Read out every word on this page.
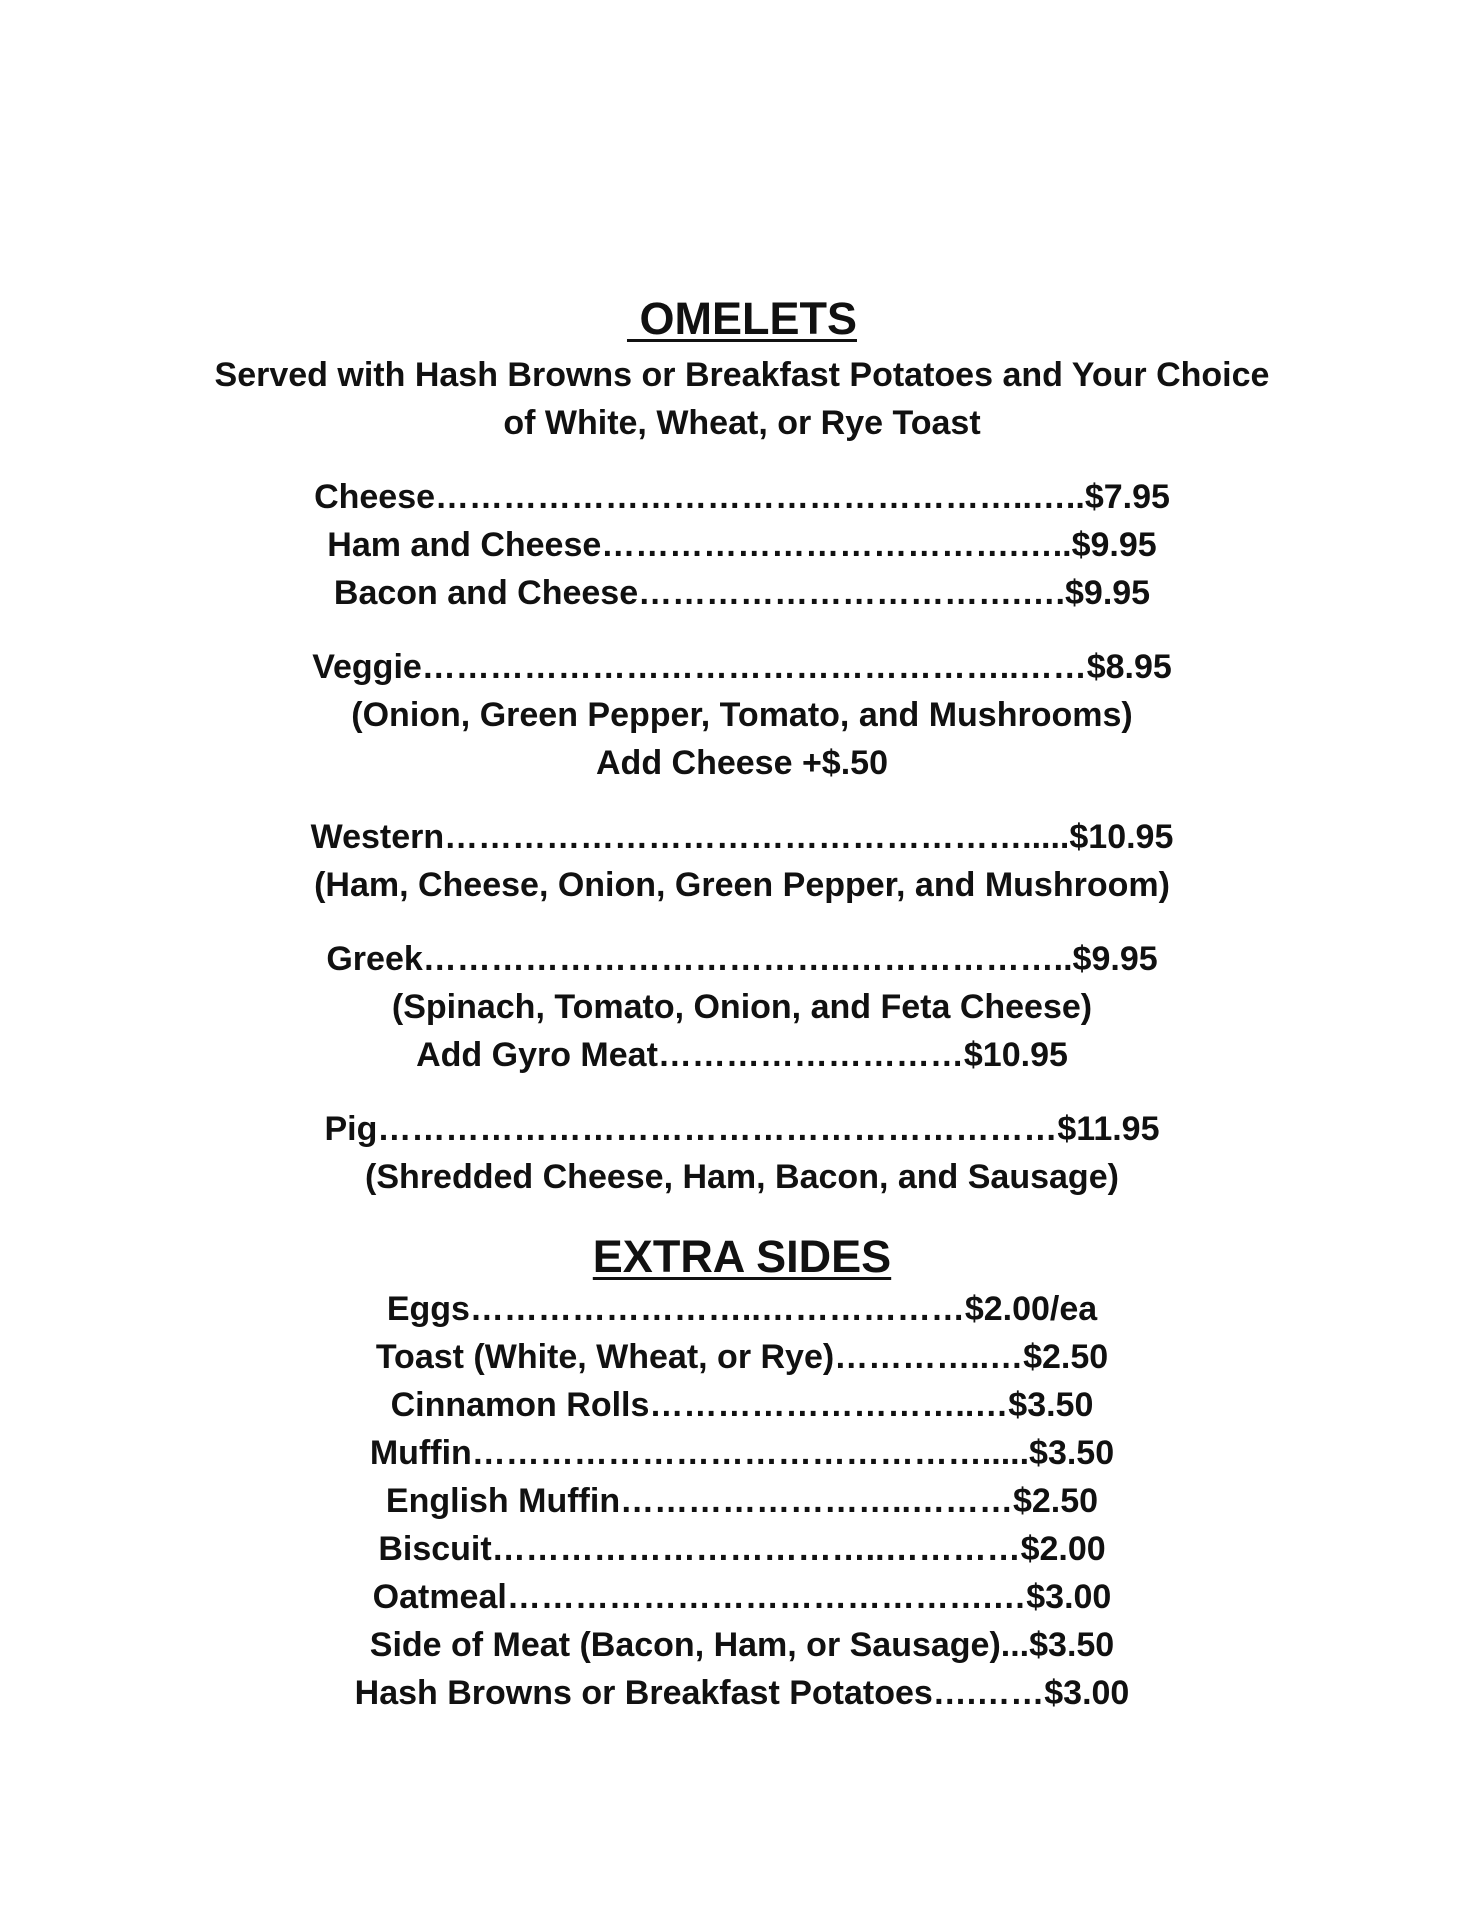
OMELETS
Served with Hash Browns or Breakfast Potatoes and Your Choice
of White, Wheat, or Rye Toast
Cheese……………………………………………..…..$7.95
Ham and Cheese……………………………….…..$9.95
Bacon and Cheese…………………………….….$9.95
Veggie……………………………………………..……$8.95
(Onion, Green Pepper, Tomato, and Mushrooms)
Add Cheese +$.50
Western…………………………………………….....$10.95
(Ham, Cheese, Onion, Green Pepper, and Mushroom)
Greek………………………………..………………..$9.95
(Spinach, Tomato, Onion, and Feta Cheese)
Add Gyro Meat………………………$10.95
Pig……………………………………………………$11.95
(Shredded Cheese, Ham, Bacon, and Sausage)
EXTRA SIDES
Eggs……………………..………………$2.00/ea
Toast (White, Wheat, or Rye)…………..…$2.50
Cinnamon Rolls………………………..…$3.50
Muffin……………………………………….....$3.50
English Muffin……………………..………$2.50
Biscuit……………………………..…………$2.00
Oatmeal…………………………………….…$3.00
Side of Meat (Bacon, Ham, or Sausage)...$3.50
Hash Browns or Breakfast Potatoes….……$3.00
